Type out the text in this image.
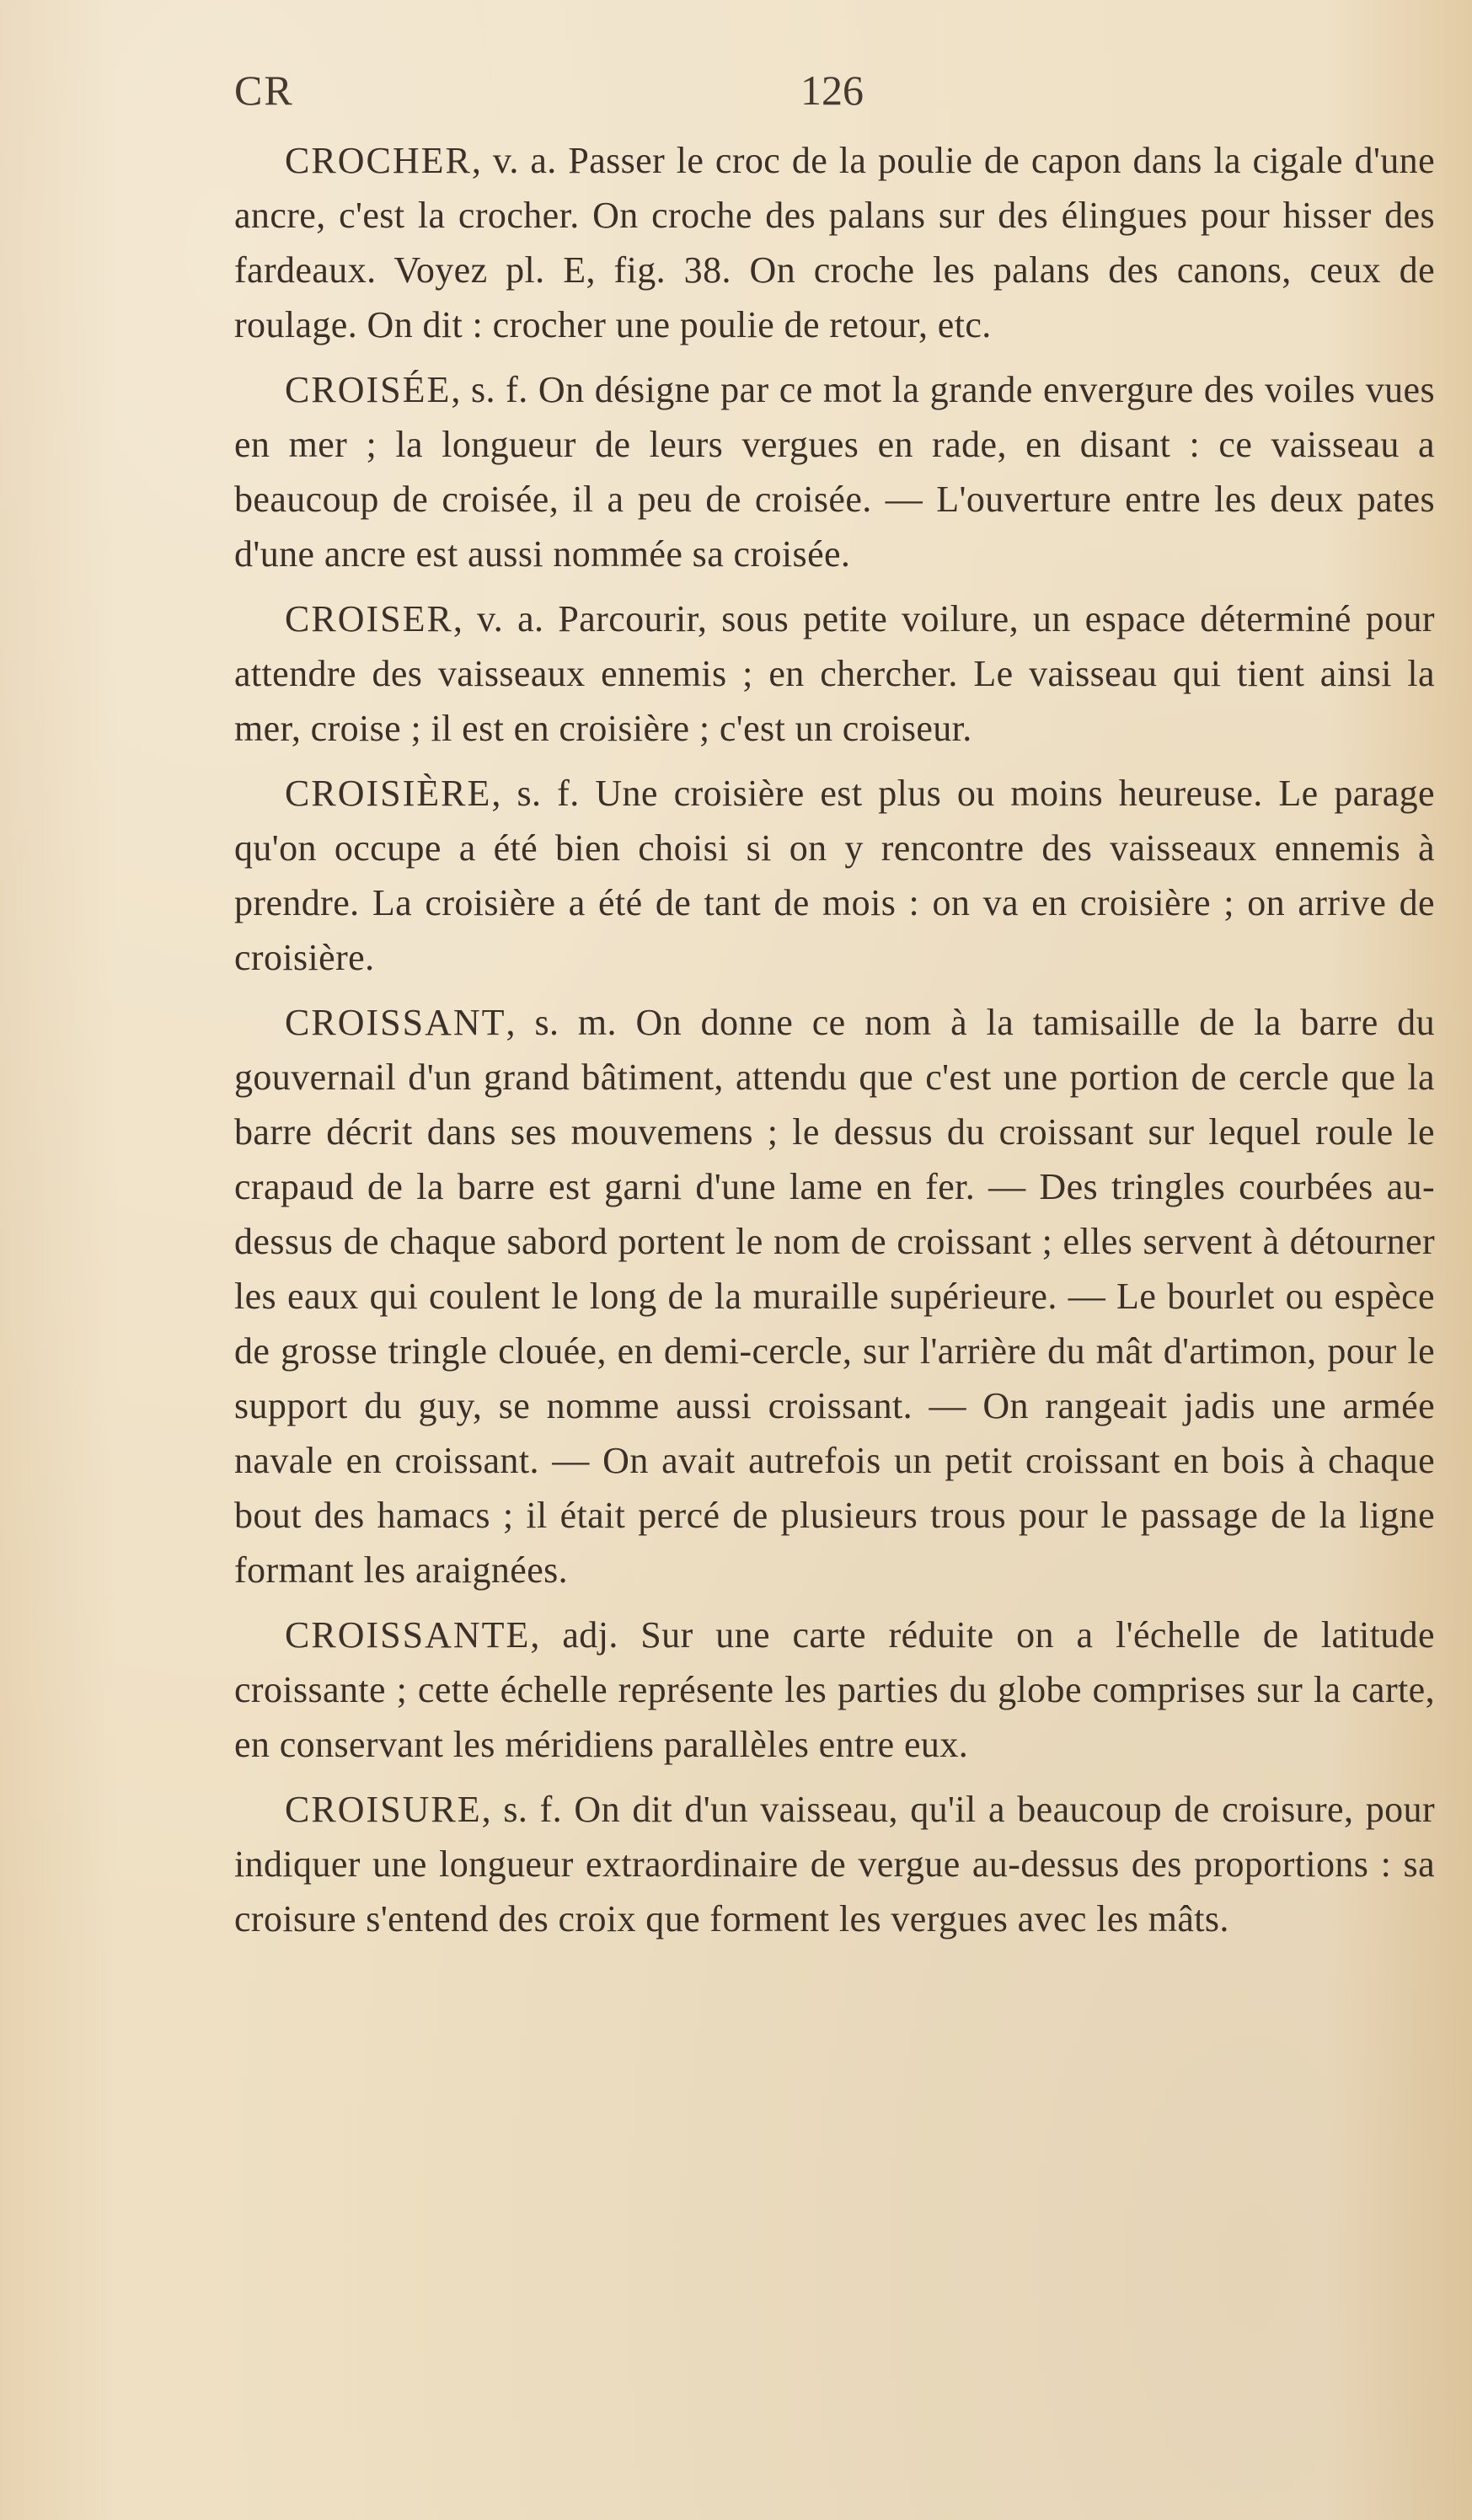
CR	126

CROCHER, v. a. Passer le croc de la poulie de capon dans la cigale d'une ancre, c'est la crocher. On croche des palans sur des élingues pour hisser des fardeaux. Voyez pl. E, fig. 38. On croche les palans des canons, ceux de roulage. On dit : crocher une poulie de retour, etc.

CROISÉE, s. f. On désigne par ce mot la grande envergure des voiles vues en mer ; la longueur de leurs vergues en rade, en disant : ce vaisseau a beaucoup de croisée, il a peu de croisée. — L'ouverture entre les deux pates d'une ancre est aussi nommée sa croisée.

CROISER, v. a. Parcourir, sous petite voilure, un espace déterminé pour attendre des vaisseaux ennemis ; en chercher. Le vaisseau qui tient ainsi la mer, croise ; il est en croisière ; c'est un croiseur.

CROISIÈRE, s. f. Une croisière est plus ou moins heureuse. Le parage qu'on occupe a été bien choisi si on y rencontre des vaisseaux ennemis à prendre. La croisière a été de tant de mois : on va en croisière ; on arrive de croisière.

CROISSANT, s. m. On donne ce nom à la tamisaille de la barre du gouvernail d'un grand bâtiment, attendu que c'est une portion de cercle que la barre décrit dans ses mouvemens ; le dessus du croissant sur lequel roule le crapaud de la barre est garni d'une lame en fer. — Des tringles courbées au-dessus de chaque sabord portent le nom de croissant ; elles servent à détourner les eaux qui coulent le long de la muraille supérieure. — Le bourlet ou espèce de grosse tringle clouée, en demi-cercle, sur l'arrière du mât d'artimon, pour le support du guy, se nomme aussi croissant. — On rangeait jadis une armée navale en croissant. — On avait autrefois un petit croissant en bois à chaque bout des hamacs ; il était percé de plusieurs trous pour le passage de la ligne formant les araignées.

CROISSANTE, adj. Sur une carte réduite on a l'échelle de latitude croissante ; cette échelle représente les parties du globe comprises sur la carte, en conservant les méridiens parallèles entre eux.

CROISURE, s. f. On dit d'un vaisseau, qu'il a beaucoup de croisure, pour indiquer une longueur extraordinaire de vergue au-dessus des proportions : sa croisure s'entend des croix que forment les vergues avec les mâts.
